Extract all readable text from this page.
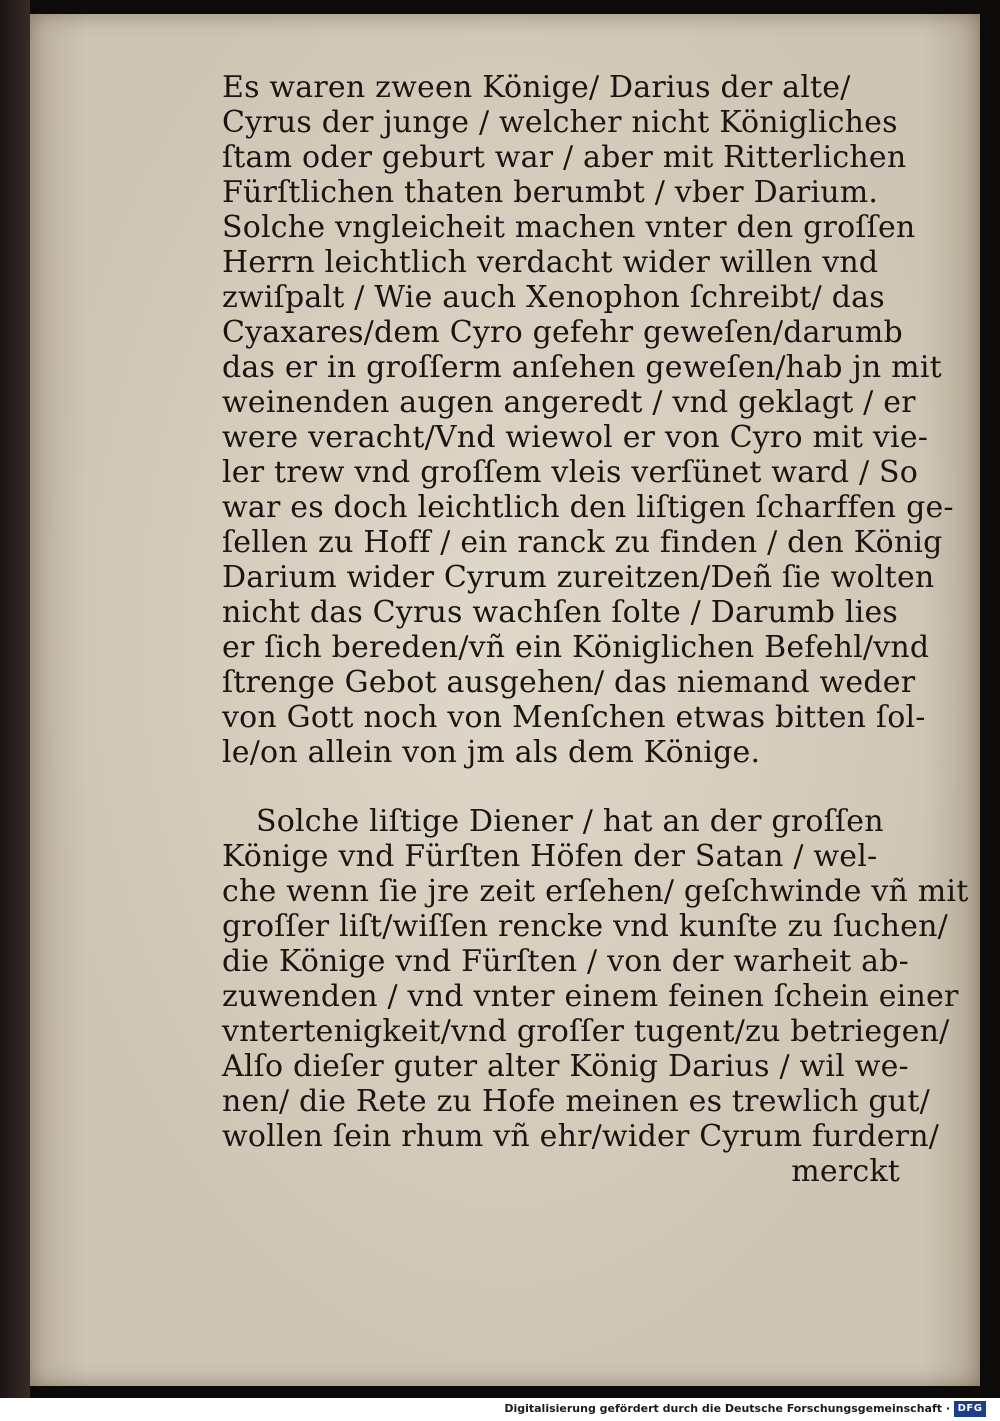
Es waren zween Könige/ Darius der alte/
Cyrus der junge / welcher nicht Königliches
ſtam oder geburt war / aber mit Ritterlichen
Fürſtlichen thaten berumbt / vber Darium.
Solche vngleicheit machen vnter den groſſen
Herrn leichtlich verdacht wider willen vnd
zwiſpalt / Wie auch Xenophon ſchreibt/ das
Cyaxares/dem Cyro gefehr geweſen/darumb
das er in groſſerm anſehen geweſen/hab jn mit
weinenden augen angeredt / vnd geklagt / er
were veracht/Vnd wiewol er von Cyro mit vie-
ler trew vnd groſſem vleis verſünet ward / So
war es doch leichtlich den liſtigen ſcharffen ge-
ſellen zu Hoff / ein ranck zu finden / den König
Darium wider Cyrum zureitzen/Deñ ſie wolten
nicht das Cyrus wachſen ſolte / Darumb lies
er ſich bereden/vñ ein Königlichen Befehl/vnd
ſtrenge Gebot ausgehen/ das niemand weder
von Gott noch von Menſchen etwas bitten ſol-
le/on allein von jm als dem Könige.
Solche liſtige Diener / hat an der groſſen
Könige vnd Fürſten Höfen der Satan / wel-
che wenn ſie jre zeit erſehen/ geſchwinde vñ mit
groſſer liſt/wiſſen rencke vnd kunſte zu ſuchen/
die Könige vnd Fürſten / von der warheit ab-
zuwenden / vnd vnter einem feinen ſchein einer
vntertenigkeit/vnd groſſer tugent/zu betriegen/
Alſo dieſer guter alter König Darius / wil we-
nen/ die Rete zu Hofe meinen es trewlich gut/
wollen ſein rhum vñ ehr/wider Cyrum furdern/
merckt
Digitalisierung gefördert durch die Deutsche Forschungsgemeinschaft · DFG
